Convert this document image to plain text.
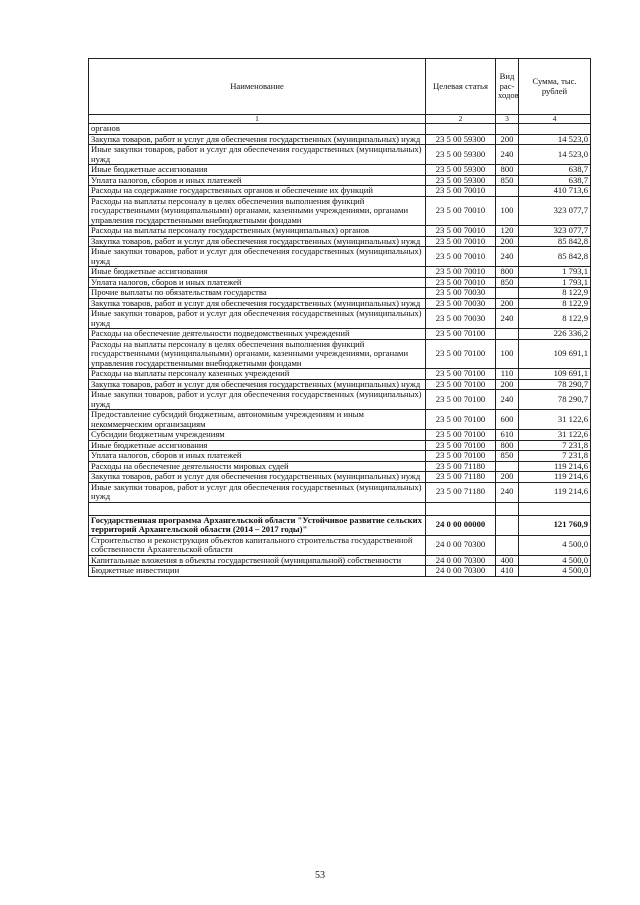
Наименование	Целевая статья	Вид рас-ходов	Сумма, тыс. рублей
1	2	3	4
органов			
Закупка товаров, работ и услуг для обеспечения государственных (муниципальных) нужд	23 5 00 59300	200	14 523,0
Иные закупки товаров, работ и услуг для обеспечения государственных (муниципальных) нужд	23 5 00 59300	240	14 523,0
Иные бюджетные ассигнования	23 5 00 59300	800	638,7
Уплата налогов, сборов и иных платежей	23 5 00 59300	850	638,7
Расходы на содержание государственных органов и обеспечение их функций	23 5 00 70010		410 713,6
Расходы на выплаты персоналу в целях обеспечения выполнения функций государственными (муниципальными) органами, казенными учреждениями, органами управления государственными внебюджетными фондами	23 5 00 70010	100	323 077,7
Расходы на выплаты персоналу государственных (муниципальных) органов	23 5 00 70010	120	323 077,7
Закупка товаров, работ и услуг для обеспечения государственных (муниципальных) нужд	23 5 00 70010	200	85 842,8
Иные закупки товаров, работ и услуг для обеспечения государственных (муниципальных) нужд	23 5 00 70010	240	85 842,8
Иные бюджетные ассигнования	23 5 00 70010	800	1 793,1
Уплата налогов, сборов и иных платежей	23 5 00 70010	850	1 793,1
Прочие выплаты по обязательствам государства	23 5 00 70030		8 122,9
Закупка товаров, работ и услуг для обеспечения государственных (муниципальных) нужд	23 5 00 70030	200	8 122,9
Иные закупки товаров, работ и услуг для обеспечения государственных (муниципальных) нужд	23 5 00 70030	240	8 122,9
Расходы на обеспечение деятельности подведомственных учреждений	23 5 00 70100		226 336,2
Расходы на выплаты персоналу в целях обеспечения выполнения функций государственными (муниципальными) органами, казенными учреждениями, органами управления государственными внебюджетными фондами	23 5 00 70100	100	109 691,1
Расходы на выплаты персоналу казенных учреждений	23 5 00 70100	110	109 691,1
Закупка товаров, работ и услуг для обеспечения государственных (муниципальных) нужд	23 5 00 70100	200	78 290,7
Иные закупки товаров, работ и услуг для обеспечения государственных (муниципальных) нужд	23 5 00 70100	240	78 290,7
Предоставление субсидий бюджетным, автономным учреждениям и иным некоммерческим организациям	23 5 00 70100	600	31 122,6
Субсидии бюджетным учреждениям	23 5 00 70100	610	31 122,6
Иные бюджетные ассигнования	23 5 00 70100	800	7 231,8
Уплата налогов, сборов и иных платежей	23 5 00 70100	850	7 231,8
Расходы на обеспечение деятельности мировых судей	23 5 00 71180		119 214,6
Закупка товаров, работ и услуг для обеспечения государственных (муниципальных) нужд	23 5 00 71180	200	119 214,6
Иные закупки товаров, работ и услуг для обеспечения государственных (муниципальных) нужд	23 5 00 71180	240	119 214,6

Государственная программа Архангельской области "Устойчивое развитие сельских территорий Архангельской области (2014 – 2017 годы)"	24 0 00 00000		121 760,9
Строительство и реконструкция объектов капитального строительства государственной собственности Архангельской области	24 0 00 70300		4 500,0
Капитальные вложения в объекты государственной (муниципальной) собственности	24 0 00 70300	400	4 500,0
Бюджетные инвестиции	24 0 00 70300	410	4 500,0
53
